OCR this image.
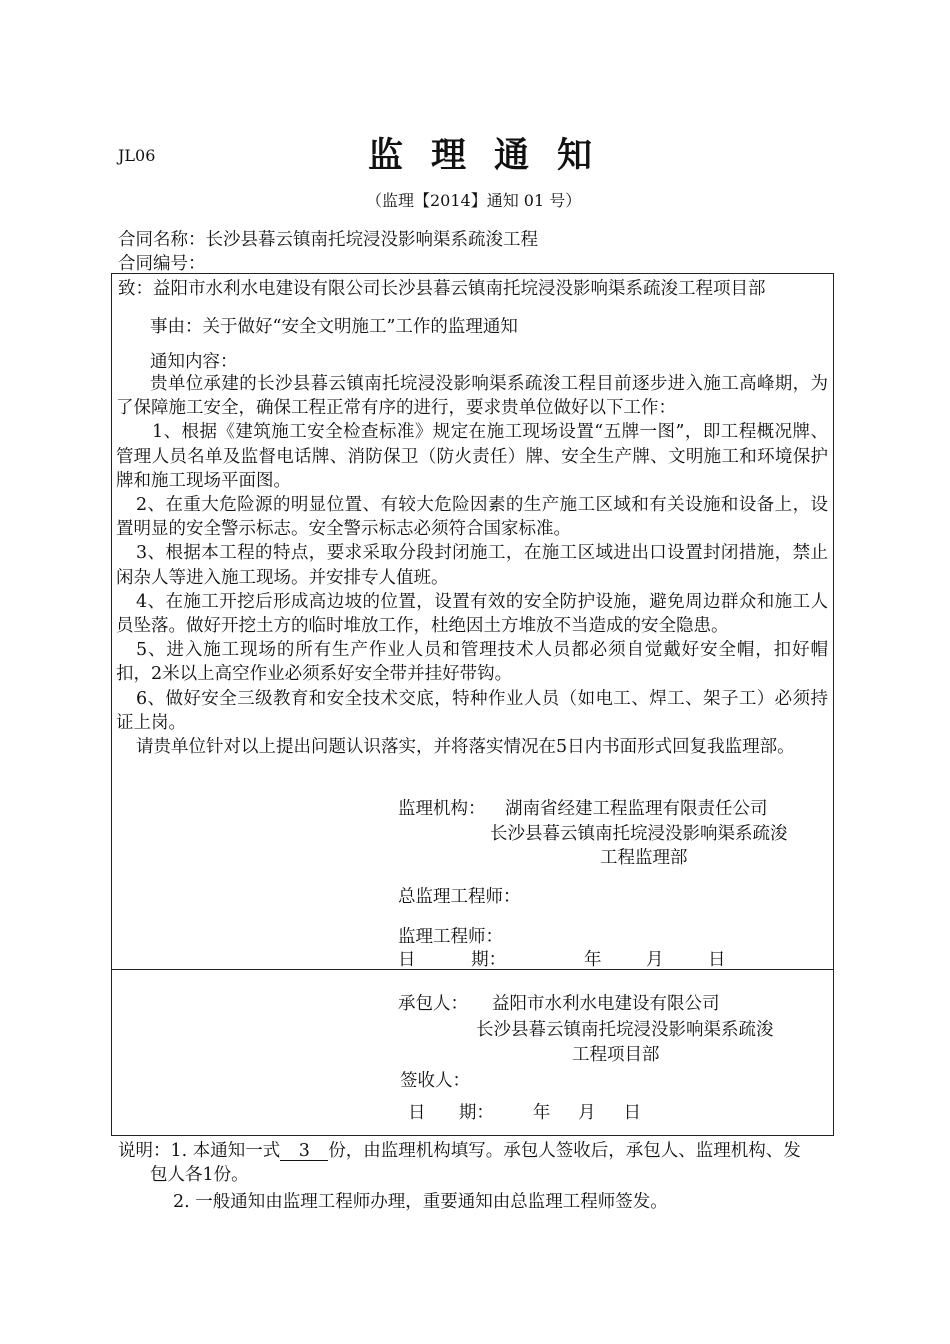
JL06	监理通知
（监理【2014】通知 01 号）
合同名称：长沙县暮云镇南托垸浸没影响渠系疏浚工程
合同编号：
致：益阳市水利水电建设有限公司长沙县暮云镇南托垸浸没影响渠系疏浚工程项目部
事由：关于做好“安全文明施工”工作的监理通知
通知内容：

贵单位承建的长沙县暮云镇南托垸浸没影响渠系疏浚工程目前逐步进入施工高峰期，为了保障施工安全，确保工程正常有序的进行，要求贵单位做好以下工作：

1、根据《建筑施工安全检查标准》规定在施工现场设置“五牌一图”，即工程概况牌、管理人员名单及监督电话牌、消防保卫（防火责任）牌、安全生产牌、文明施工和环境保护牌和施工现场平面图。

2、在重大危险源的明显位置、有较大危险因素的生产施工区域和有关设施和设备上，设置明显的安全警示标志。安全警示标志必须符合国家标准。

3、根据本工程的特点，要求采取分段封闭施工，在施工区域进出口设置封闭措施，禁止闲杂人等进入施工现场。并安排专人值班。

4、在施工开挖后形成高边坡的位置，设置有效的安全防护设施，避免周边群众和施工人员坠落。做好开挖土方的临时堆放工作，杜绝因土方堆放不当造成的安全隐患。

5、进入施工现场的所有生产作业人员和管理技术人员都必须自觉戴好安全帽，扣好帽扣，2米以上高空作业必须系好安全带并挂好带钩。

6、做好安全三级教育和安全技术交底，特种作业人员（如电工、焊工、架子工）必须持证上岗。

请贵单位针对以上提出问题认识落实，并将落实情况在5日内书面形式回复我监理部。

监理机构： 湖南省经建工程监理有限责任公司
长沙县暮云镇南托垸浸没影响渠系疏浚
工程监理部
总监理工程师：
监理工程师：
日          期：              年        月        日
承包人： 益阳市水利水电建设有限公司
长沙县暮云镇南托垸浸没影响渠系疏浚
工程项目部
签收人：
日      期：       年     月     日
说明：1. 本通知一式 3 份，由监理机构填写。承包人签收后，承包人、监理机构、发
包人各1份。
2. 一般通知由监理工程师办理，重要通知由总监理工程师签发。
